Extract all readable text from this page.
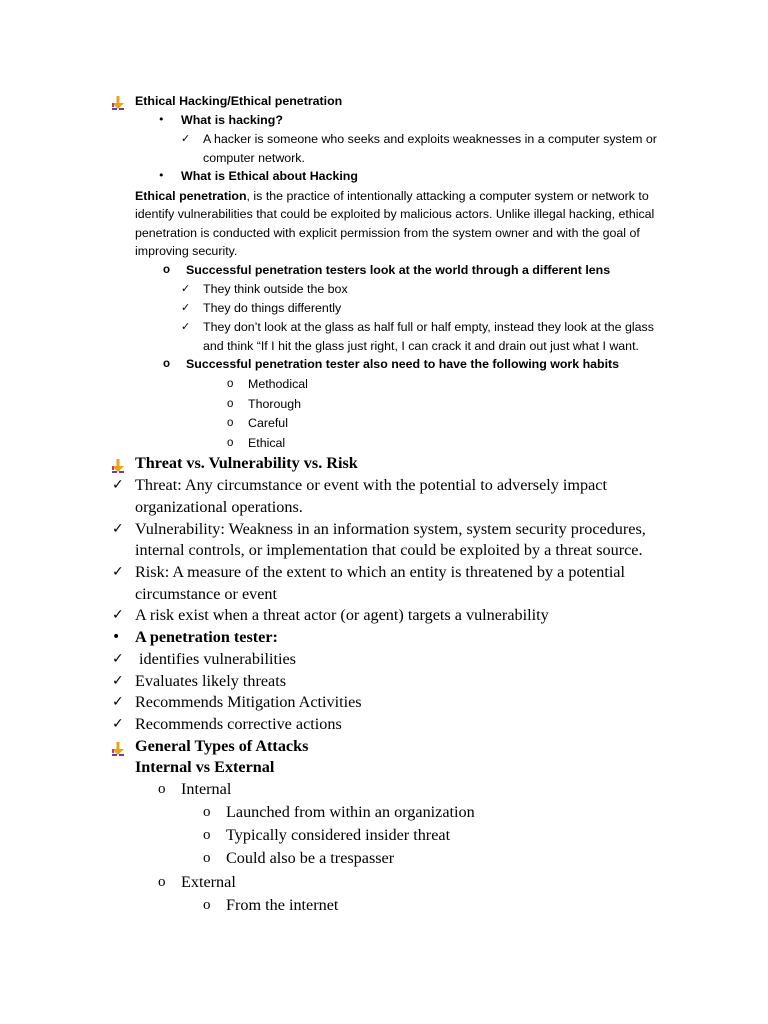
Ethical Hacking/Ethical penetration
• What is hacking?
✓ A hacker is someone who seeks and exploits weaknesses in a computer system or
computer network.
• What is Ethical about Hacking
Ethical penetration, is the practice of intentionally attacking a computer system or network to
identify vulnerabilities that could be exploited by malicious actors. Unlike illegal hacking, ethical
penetration is conducted with explicit permission from the system owner and with the goal of
improving security.
o Successful penetration testers look at the world through a different lens
✓ They think outside the box
✓ They do things differently
✓ They don’t look at the glass as half full or half empty, instead they look at the glass
and think “If I hit the glass just right, I can crack it and drain out just what I want.
o Successful penetration tester also need to have the following work habits
o Methodical
o Thorough
o Careful
o Ethical
Threat vs. Vulnerability vs. Risk
✓ Threat: Any circumstance or event with the potential to adversely impact
organizational operations.
✓ Vulnerability: Weakness in an information system, system security procedures,
internal controls, or implementation that could be exploited by a threat source.
✓ Risk: A measure of the extent to which an entity is threatened by a potential
circumstance or event
✓ A risk exist when a threat actor (or agent) targets a vulnerability
• A penetration tester:
✓ identifies vulnerabilities
✓ Evaluates likely threats
✓ Recommends Mitigation Activities
✓ Recommends corrective actions
General Types of Attacks
Internal vs External
o Internal
o Launched from within an organization
o Typically considered insider threat
o Could also be a trespasser
o External
o From the internet
